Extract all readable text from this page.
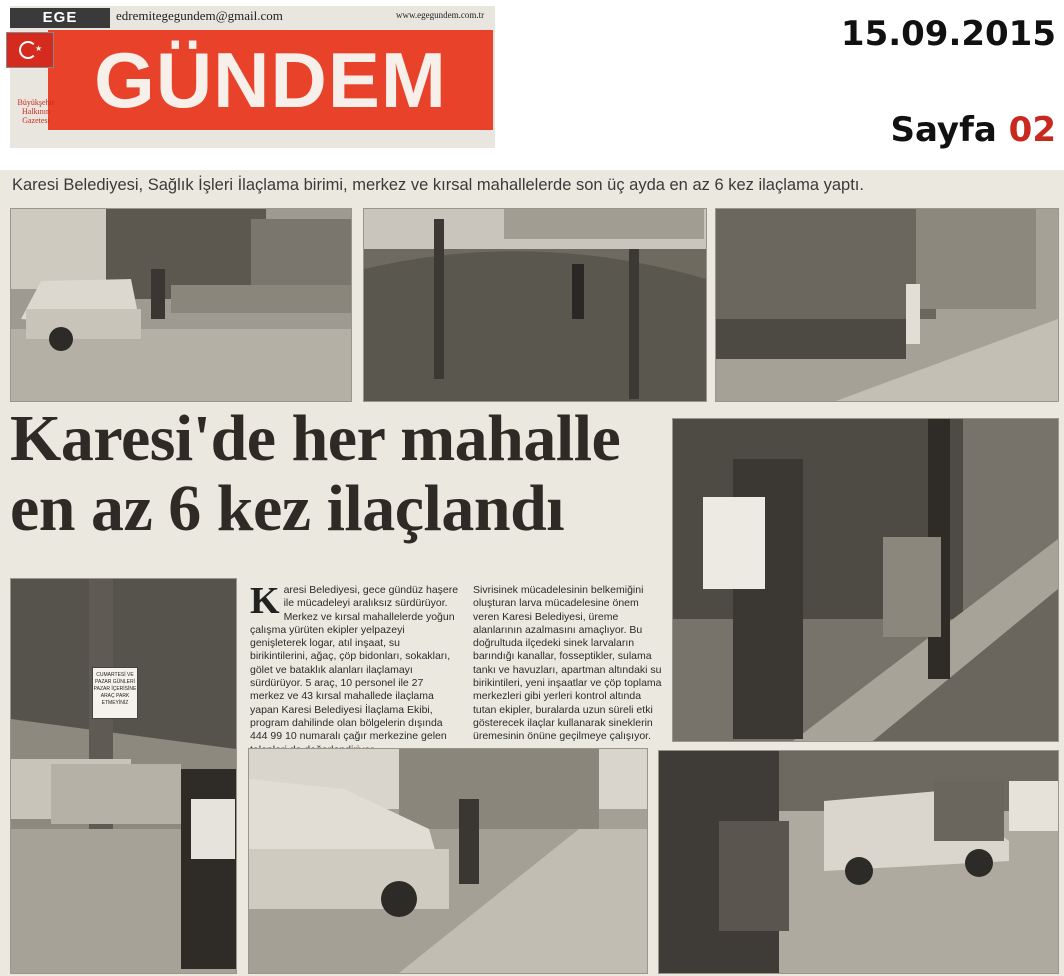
EGE	edremitegegundem@gmail.com	www.egegundem.com.tr
GÜNDEM
★
Büyükşehir
Halkının
Gazetesi
15.09.2015
Sayfa 02
Karesi Belediyesi, Sağlık İşleri İlaçlama birimi, merkez ve kırsal mahallelerde son üç ayda en az 6 kez ilaçlama yaptı.
Karesi'de her mahalle
en az 6 kez ilaçlandı
CUMARTESİ VE PAZAR GÜNLERİ PAZAR İÇERİSİNE ARAÇ PARK ETMEYİNİZ
K aresi Belediyesi, gece gündüz haşere ile mücadeleyi aralıksız sürdürüyor. Merkez ve kırsal mahallelerde yoğun çalışma yürüten ekipler yelpazeyi genişleterek logar, atıl inşaat, su birikintilerini, ağaç, çöp bidonları, sokakları, gölet ve bataklık alanları ilaçlamayı sürdürüyor. 5 araç, 10 personel ile 27 merkez ve 43 kırsal mahallede ilaçlama yapan Karesi Belediyesi İlaçlama Ekibi, program dahilinde olan bölgelerin dışında 444 99 10 numaralı çağır merkezine gelen
Sivrisinek mücadelesinin belkemiğini oluşturan larva mücadelesine önem veren Karesi Belediyesi, üreme alanlarının azalmasını amaçlıyor. Bu doğrultuda ilçedeki sinek larvaların barındığı kanallar, fosseptikler, sulama tankı ve havuzları, apartman altındaki su birikintileri, yeni inşaatlar ve çöp toplama merkezleri gibi yerleri kontrol altında tutan ekipler, buralarda uzun süreli etki gösterecek ilaçlar kullanarak sineklerin üremesinin önüne geçilmeye çalışıyor.
